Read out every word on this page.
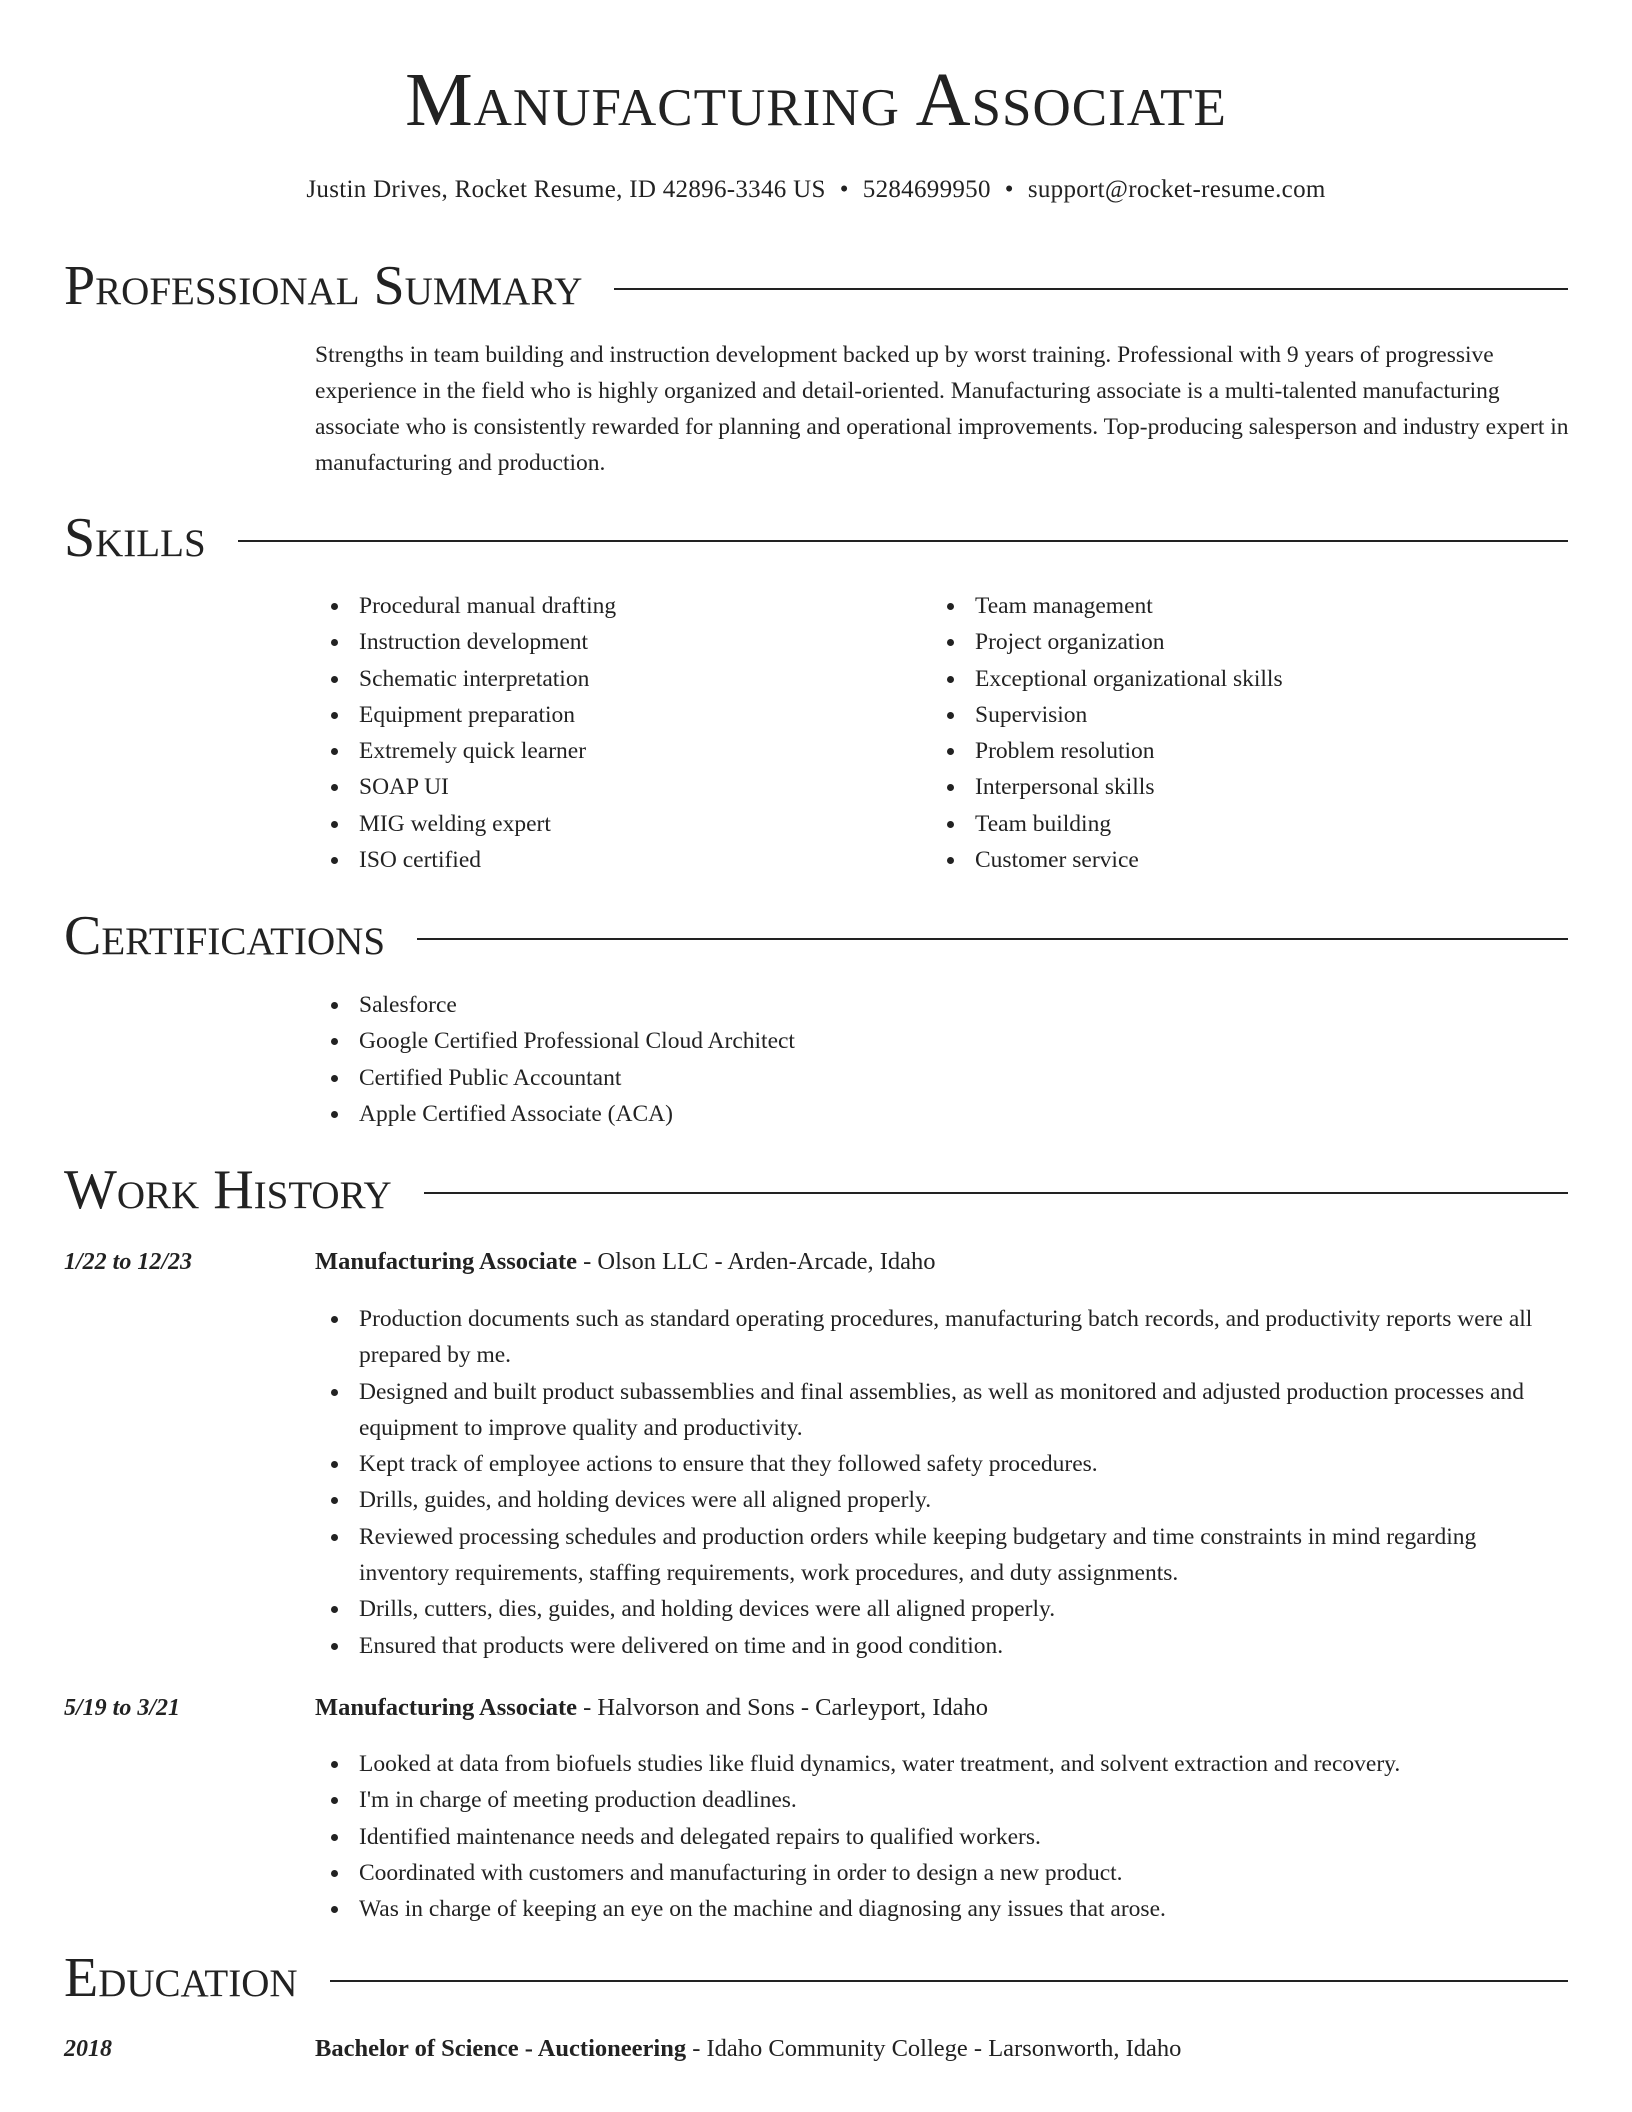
Manufacturing Associate
Justin Drives, Rocket Resume, ID 42896-3346 US • 5284699950 • support@rocket-resume.com
Professional Summary

Strengths in team building and instruction development backed up by worst training. Professional with 9 years of progressive experience in the field who is highly organized and detail-oriented. Manufacturing associate is a multi-talented manufacturing associate who is consistently rewarded for planning and operational improvements. Top-producing salesperson and industry expert in manufacturing and production.

Skills
Procedural manual drafting
Instruction development
Schematic interpretation
Equipment preparation
Extremely quick learner
SOAP UI
MIG welding expert
ISO certified
Team management
Project organization
Exceptional organizational skills
Supervision
Problem resolution
Interpersonal skills
Team building
Customer service
Certifications
Salesforce
Google Certified Professional Cloud Architect
Certified Public Accountant
Apple Certified Associate (ACA)
Work History
1/22 to 12/23	Manufacturing Associate - Olson LLC - Arden-Arcade, Idaho
Production documents such as standard operating procedures, manufacturing batch records, and productivity reports were all prepared by me.
Designed and built product subassemblies and final assemblies, as well as monitored and adjusted production processes and equipment to improve quality and productivity.
Kept track of employee actions to ensure that they followed safety procedures.
Drills, guides, and holding devices were all aligned properly.
Reviewed processing schedules and production orders while keeping budgetary and time constraints in mind regarding inventory requirements, staffing requirements, work procedures, and duty assignments.
Drills, cutters, dies, guides, and holding devices were all aligned properly.
Ensured that products were delivered on time and in good condition.
5/19 to 3/21	Manufacturing Associate - Halvorson and Sons - Carleyport, Idaho
Looked at data from biofuels studies like fluid dynamics, water treatment, and solvent extraction and recovery.
I'm in charge of meeting production deadlines.
Identified maintenance needs and delegated repairs to qualified workers.
Coordinated with customers and manufacturing in order to design a new product.
Was in charge of keeping an eye on the machine and diagnosing any issues that arose.
Education
2018	Bachelor of Science - Auctioneering - Idaho Community College - Larsonworth, Idaho
